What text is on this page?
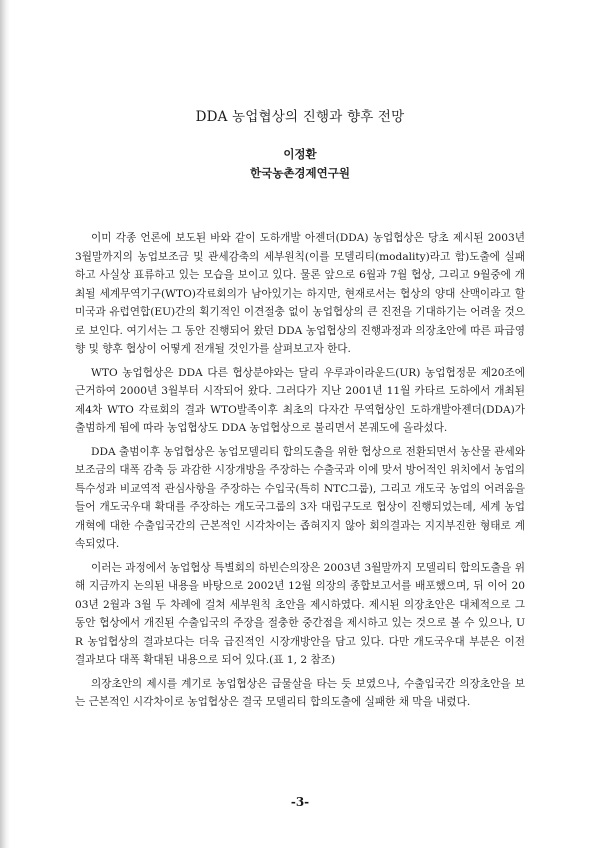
DDA 농업협상의 진행과 향후 전망
이정환
한국농촌경제연구원

이미 각종 언론에 보도된 바와 같이 도하개발 아젠더(DDA) 농업협상은 당초 제시된 2003년 3월말까지의 농업보조금 및 관세감축의 세부원칙(이를 모델리티(modality)라고 함)도출에 실패하고 사실상 표류하고 있는 모습을 보이고 있다. 물론 앞으로 6월과 7월 협상, 그리고 9월중에 개최될 세계무역기구(WTO)각료회의가 남아있기는 하지만, 현재로서는 협상의 양대 산맥이라고 할 미국과 유럽연합(EU)간의 획기적인 이견절충 없이 농업협상의 큰 진전을 기대하기는 어려울 것으로 보인다. 여기서는 그 동안 진행되어 왔던 DDA 농업협상의 진행과정과 의장초안에 따른 파급영향 및 향후 협상이 어떻게 전개될 것인가를 살펴보고자 한다.

WTO 농업협상은 DDA 다른 협상분야와는 달리 우루과이라운드(UR) 농업협정문 제20조에 근거하여 2000년 3월부터 시작되어 왔다. 그러다가 지난 2001년 11월 카타르 도하에서 개최된 제4차 WTO 각료회의 결과 WTO발족이후 최초의 다자간 무역협상인 도하개발아젠더(DDA)가 출범하게 됨에 따라 농업협상도 DDA 농업협상으로 불리면서 본궤도에 올라섰다.

DDA 출범이후 농업협상은 농업모델리티 합의도출을 위한 협상으로 전환되면서 농산물 관세와 보조금의 대폭 감축 등 과감한 시장개방을 주장하는 수출국과 이에 맞서 방어적인 위치에서 농업의 특수성과 비교역적 관심사항을 주장하는 수입국(특히 NTC그룹), 그리고 개도국 농업의 어려움을 들어 개도국우대 확대를 주장하는 개도국그룹의 3자 대립구도로 협상이 진행되었는데, 세계 농업개혁에 대한 수출입국간의 근본적인 시각차이는 좁혀지지 않아 회의결과는 지지부진한 형태로 계속되었다.

이러는 과정에서 농업협상 특별회의 하빈슨의장은 2003년 3월말까지 모델리티 합의도출을 위해 지금까지 논의된 내용을 바탕으로 2002년 12월 의장의 종합보고서를 배포했으며, 뒤 이어 2003년 2월과 3월 두 차례에 걸쳐 세부원칙 초안을 제시하였다. 제시된 의장초안은 대체적으로 그 동안 협상에서 개진된 수출입국의 주장을 절충한 중간점을 제시하고 있는 것으로 볼 수 있으나, UR 농업협상의 결과보다는 더욱 급진적인 시장개방안을 담고 있다. 다만 개도국우대 부분은 이전 결과보다 대폭 확대된 내용으로 되어 있다.(표 1, 2 참조)

의장초안의 제시를 계기로 농업협상은 급물살을 타는 듯 보였으나, 수출입국간 의장초안을 보는 근본적인 시각차이로 농업협상은 결국 모델리티 합의도출에 실패한 채 막을 내렸다.

-3-
